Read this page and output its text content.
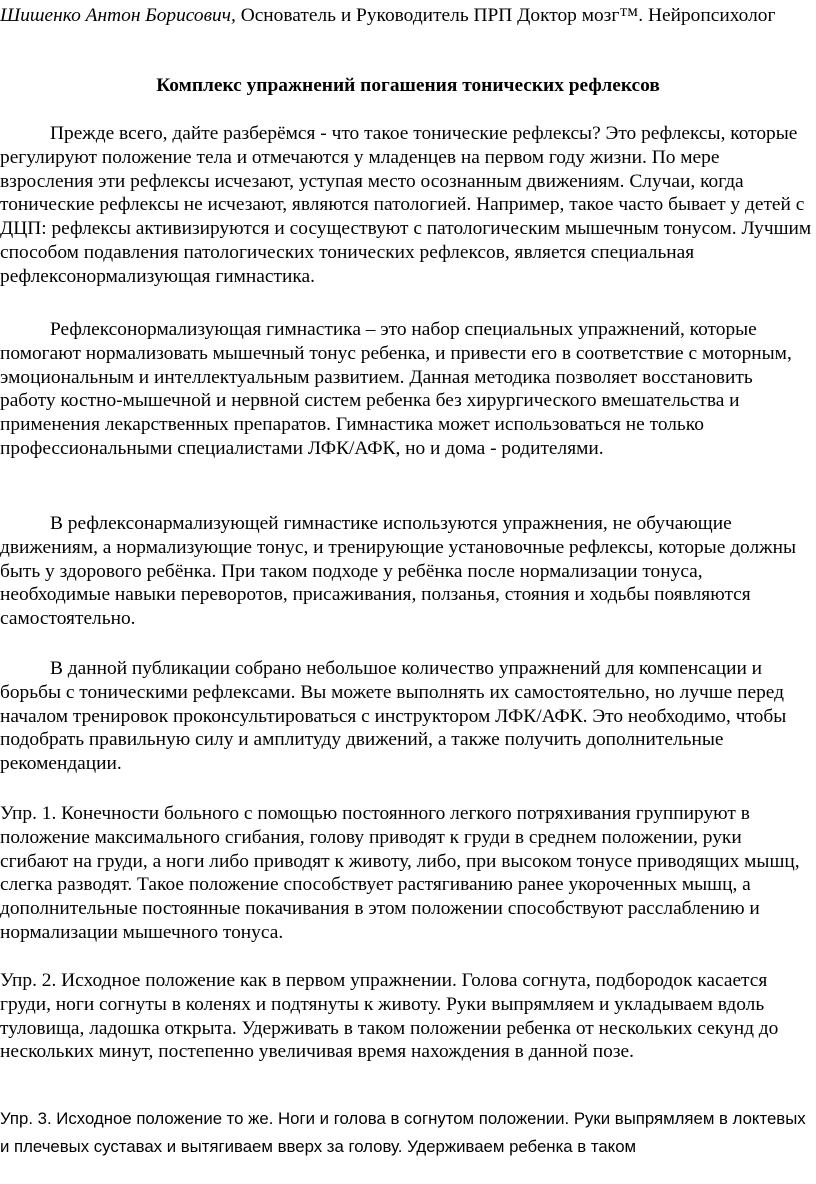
Шишенко Антон Борисович, Основатель и Руководитель ПРП Доктор мозг™. Нейропсихолог

Комплекс упражнений погашения тонических рефлексов

Прежде всего, дайте разберёмся - что такое тонические рефлексы? Это рефлексы, которые регулируют положение тела и отмечаются у младенцев на первом году жизни. По мере взросления эти рефлексы исчезают, уступая место осознанным движениям. Случаи, когда тонические рефлексы не исчезают, являются патологией. Например, такое часто бывает у детей с ДЦП: рефлексы активизируются и сосуществуют с патологическим мышечным тонусом. Лучшим способом подавления патологических тонических рефлексов, является специальная рефлексонормализующая гимнастика.

Рефлексонормализующая гимнастика – это набор специальных упражнений, которые помогают нормализовать мышечный тонус ребенка, и привести его в соответствие с моторным, эмоциональным и интеллектуальным развитием. Данная методика позволяет восстановить работу костно-мышечной и нервной систем ребенка без хирургического вмешательства и применения лекарственных препаратов. Гимнастика может использоваться не только профессиональными специалистами ЛФК/АФК, но и дома - родителями.

В рефлексонармализующей гимнастике используются упражнения, не обучающие движениям, а нормализующие тонус, и тренирующие установочные рефлексы, которые должны быть у здорового ребёнка. При таком подходе у ребёнка после нормализации тонуса, необходимые навыки переворотов, присаживания, ползанья, стояния и ходьбы появляются самостоятельно.

В данной публикации собрано небольшое количество упражнений для компенсации и борьбы с тоническими рефлексами. Вы можете выполнять их самостоятельно, но лучше перед началом тренировок проконсультироваться с инструктором ЛФК/АФК. Это необходимо, чтобы подобрать правильную силу и амплитуду движений, а также получить дополнительные рекомендации.

Упр. 1. Конечности больного с помощью постоянного легкого потряхивания группируют в положение максимального сгибания, голову приводят к груди в среднем положении, руки сгибают на груди, а ноги либо приводят к животу, либо, при высоком тонусе приводящих мышц, слегка разводят. Такое положение способствует растягиванию ранее укороченных мышц, а дополнительные постоянные покачивания в этом положении способствуют расслаблению и нормализации мышечного тонуса.

Упр. 2. Исходное положение как в первом упражнении. Голова согнута, подбородок касается груди, ноги согнуты в коленях и подтянуты к животу. Руки выпрямляем и укладываем вдоль туловища, ладошка открыта. Удерживать в таком положении ребенка от нескольких секунд до нескольких минут, постепенно увеличивая время нахождения в данной позе.

Упр. 3. Исходное положение то же. Ноги и голова в согнутом положении. Руки выпрямляем в локтевых и плечевых суставах и вытягиваем вверх за голову. Удерживаем ребенка в таком
